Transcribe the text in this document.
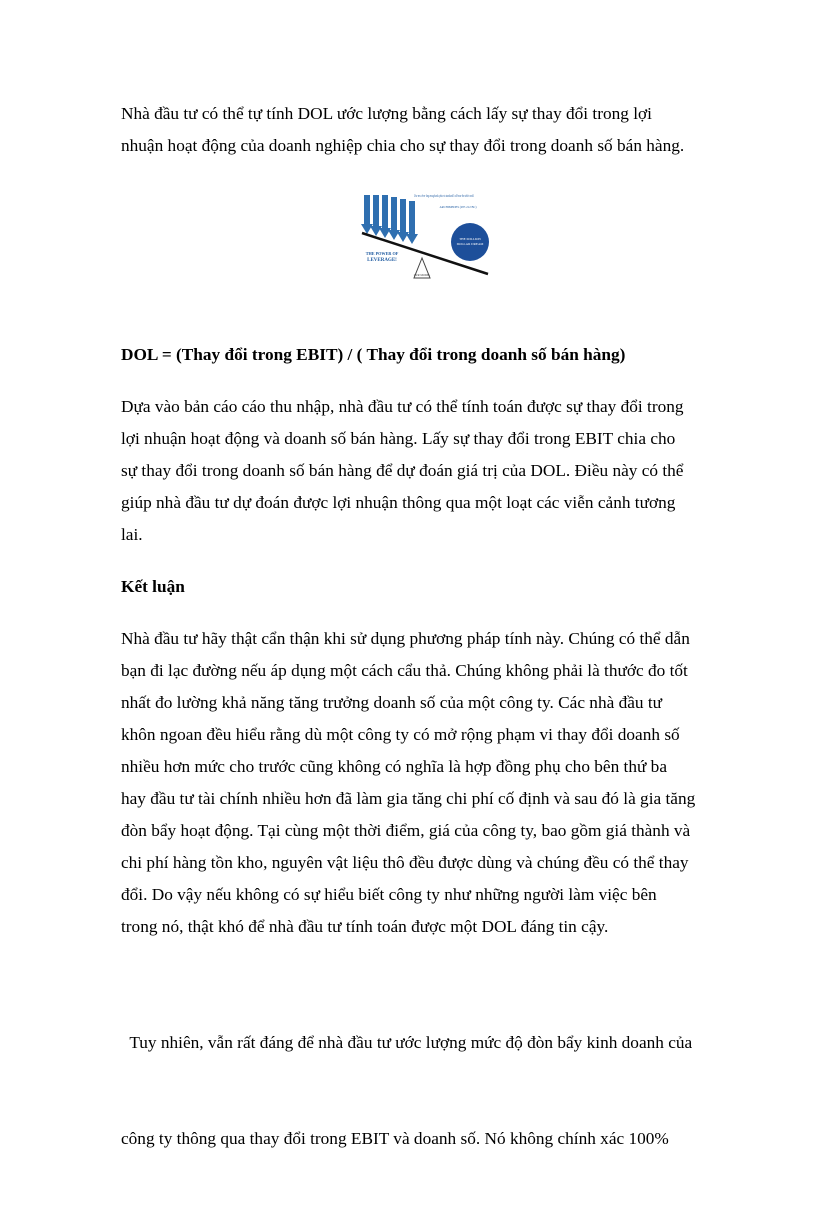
Nhà đầu tư có thể tự tính DOL ước lượng bằng cách lấy sự thay đổi trong lợi
nhuận hoạt động của doanh nghiệp chia cho sự thay đổi trong doanh số bán hàng.

Give me a lever long enough and a place to stand and I will move the whole world.
ARCHIMEDES (287-212 BC)
THE MILLION
DOLLAR DREAM
OUR MODEL
THE POWER OF
LEVERAGE!

DOL = (Thay đổi trong EBIT) / ( Thay đổi trong doanh số bán hàng)

Dựa vào bản cáo cáo thu nhập, nhà đầu tư có thể tính toán được sự thay đổi trong
lợi nhuận hoạt động và doanh số bán hàng. Lấy sự thay đổi trong EBIT chia cho
sự thay đổi trong doanh số bán hàng để dự đoán giá trị của DOL. Điều này có thể
giúp nhà đầu tư dự đoán được lợi nhuận thông qua một loạt các viễn cảnh tương
lai.

Kết luận

Nhà đầu tư hãy thật cẩn thận khi sử dụng phương pháp tính này. Chúng có thể dẫn
bạn đi lạc đường nếu áp dụng một cách cẩu thả. Chúng không phải là thước đo tốt
nhất đo lường khả năng tăng trưởng doanh số của một công ty. Các nhà đầu tư
khôn ngoan đều hiểu rằng dù một công ty có mở rộng phạm vi thay đổi doanh số
nhiều hơn mức cho trước cũng không có nghĩa là hợp đồng phụ cho bên thứ ba
hay đầu tư tài chính nhiều hơn đã làm gia tăng chi phí cố định và sau đó là gia tăng
đòn bẩy hoạt động. Tại cùng một thời điểm, giá của công ty, bao gồm giá thành và
chi phí hàng tồn kho, nguyên vật liệu thô đều được dùng và chúng đều có thể thay
đổi. Do vậy nếu không có sự hiểu biết công ty như những người làm việc bên
trong nó, thật khó để nhà đầu tư tính toán được một DOL đáng tin cậy.

Tuy nhiên, vẫn rất đáng để nhà đầu tư ước lượng mức độ đòn bẩy kinh doanh của

công ty thông qua thay đổi trong EBIT và doanh số. Nó không chính xác 100%
